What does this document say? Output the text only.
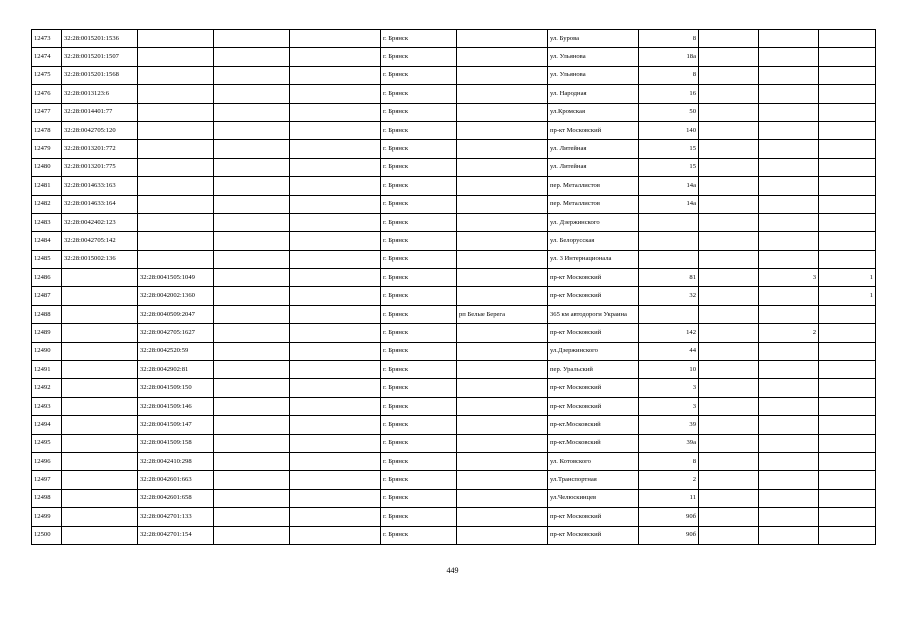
12473	32:28:0015201:1536				г. Брянск		ул. Бурова	8			
12474	32:28:0015201:1507				г. Брянск		ул. Ульянова	18а			
12475	32:28:0015201:1568				г. Брянск		ул. Ульянова	8			
12476	32:28:0013123:6				г. Брянск		ул. Народная	16			
12477	32:28:0014401:77				г. Брянск		ул.Кромская	50			
12478	32:28:0042705:120				г. Брянск		пр-кт Московский	140			
12479	32:28:0013201:772				г. Брянск		ул. Литейная	15			
12480	32:28:0013201:775				г. Брянск		ул. Литейная	15			
12481	32:28:0014633:163				г. Брянск		пер. Металлистов	14а			
12482	32:28:0014633:164				г. Брянск		пер. Металлистов	14а			
12483	32:28:0042402:123				г. Брянск		ул. Дзержинского				
12484	32:28:0042705:142				г. Брянск		ул. Белорусская				
12485	32:28:0015002:136				г. Брянск		ул. 3 Интернационала				
12486		32:28:0041505:1049			г. Брянск		пр-кт Московский	81		3	1
12487		32:28:0042002:1360			г. Брянск		пр-кт Московский	32			1
12488		32:28:0040509:2047			г. Брянск	рп Белые Берега	365 км автодороги Украина				
12489		32:28:0042705:1627			г. Брянск		пр-кт Московский	142		2	
12490		32:28:0042520:59			г. Брянск		ул.Дзержинского	44			
12491		32:28:0042902:81			г. Брянск		пер. Уральский	10			
12492		32:28:0041509:150			г. Брянск		пр-кт Московский	3			
12493		32:28:0041509:146			г. Брянск		пр-кт Московский	3			
12494		32:28:0041509:147			г. Брянск		пр-кт.Московский	39			
12495		32:28:0041509:158			г. Брянск		пр-кт.Московский	39а			
12496		32:28:0042410:298			г. Брянск		ул. Котовского	8			
12497		32:28:0042601:663			г. Брянск		ул.Транспортная	2			
12498		32:28:0042601:658			г. Брянск		ул.Челюскинцев	11			
12499		32:28:0042701:133			г. Брянск		пр-кт Московский	90б			
12500		32:28:0042701:154			г. Брянск		пр-кт Московский	90б			
449
